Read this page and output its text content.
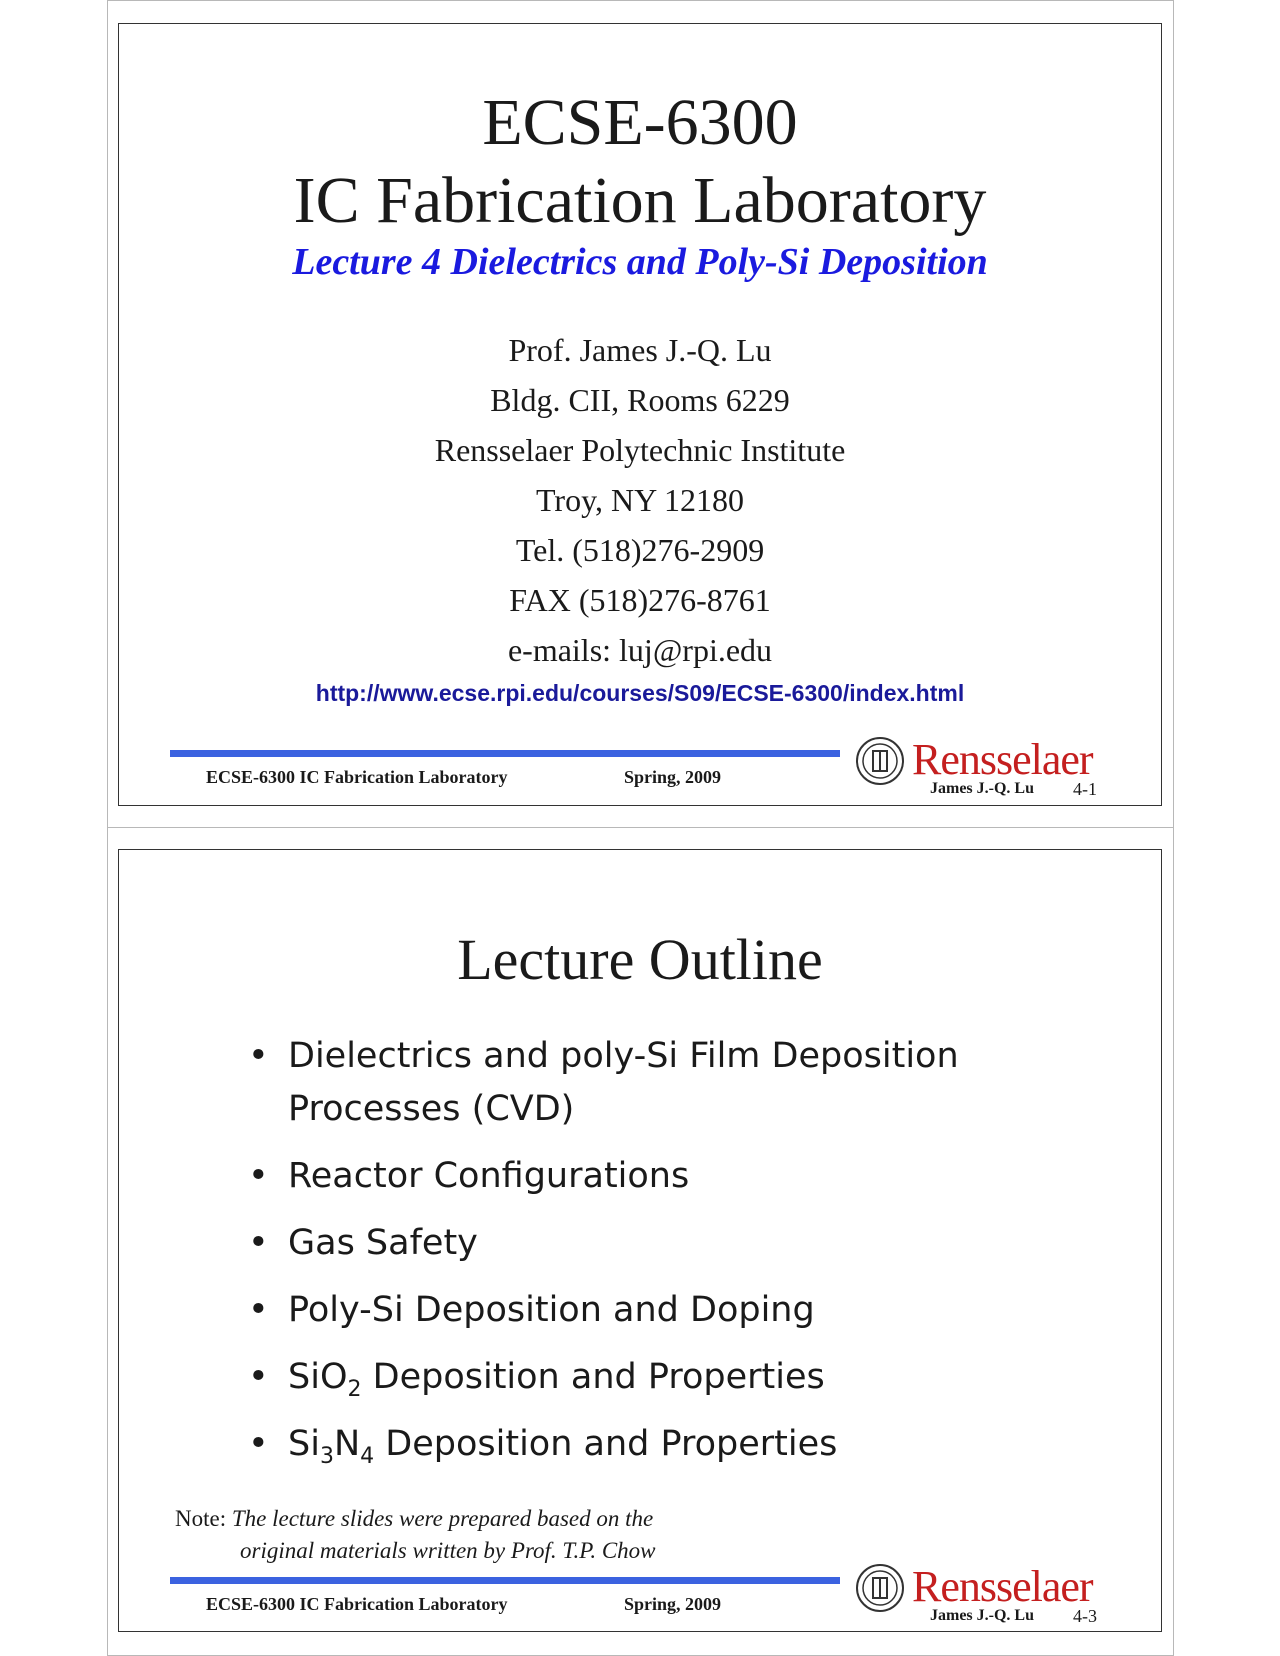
ECSE-6300
IC Fabrication Laboratory
Lecture 4 Dielectrics and Poly-Si Deposition
Prof. James J.-Q. Lu
Bldg. CII, Rooms 6229
Rensselaer Polytechnic Institute
Troy, NY 12180
Tel. (518)276-2909
FAX (518)276-8761
e-mails: luj@rpi.edu
http://www.ecse.rpi.edu/courses/S09/ECSE-6300/index.html
ECSE-6300 IC Fabrication Laboratory	Spring, 2009	Rensselaer
James J.-Q. Lu 4-1
Lecture Outline
• Dielectrics and poly-Si Film Deposition
Processes (CVD)
• Reactor Configurations
• Gas Safety
• Poly-Si Deposition and Doping
• SiO$_2$ Deposition and Properties
• $Si_3N_4$ Deposition and Properties
Note: The lecture slides were prepared based on the
original materials written by Prof. T.P. Chow
ECSE-6300 IC Fabrication Laboratory	Spring, 2009	Rensselaer
James J.-Q. Lu 4-3
